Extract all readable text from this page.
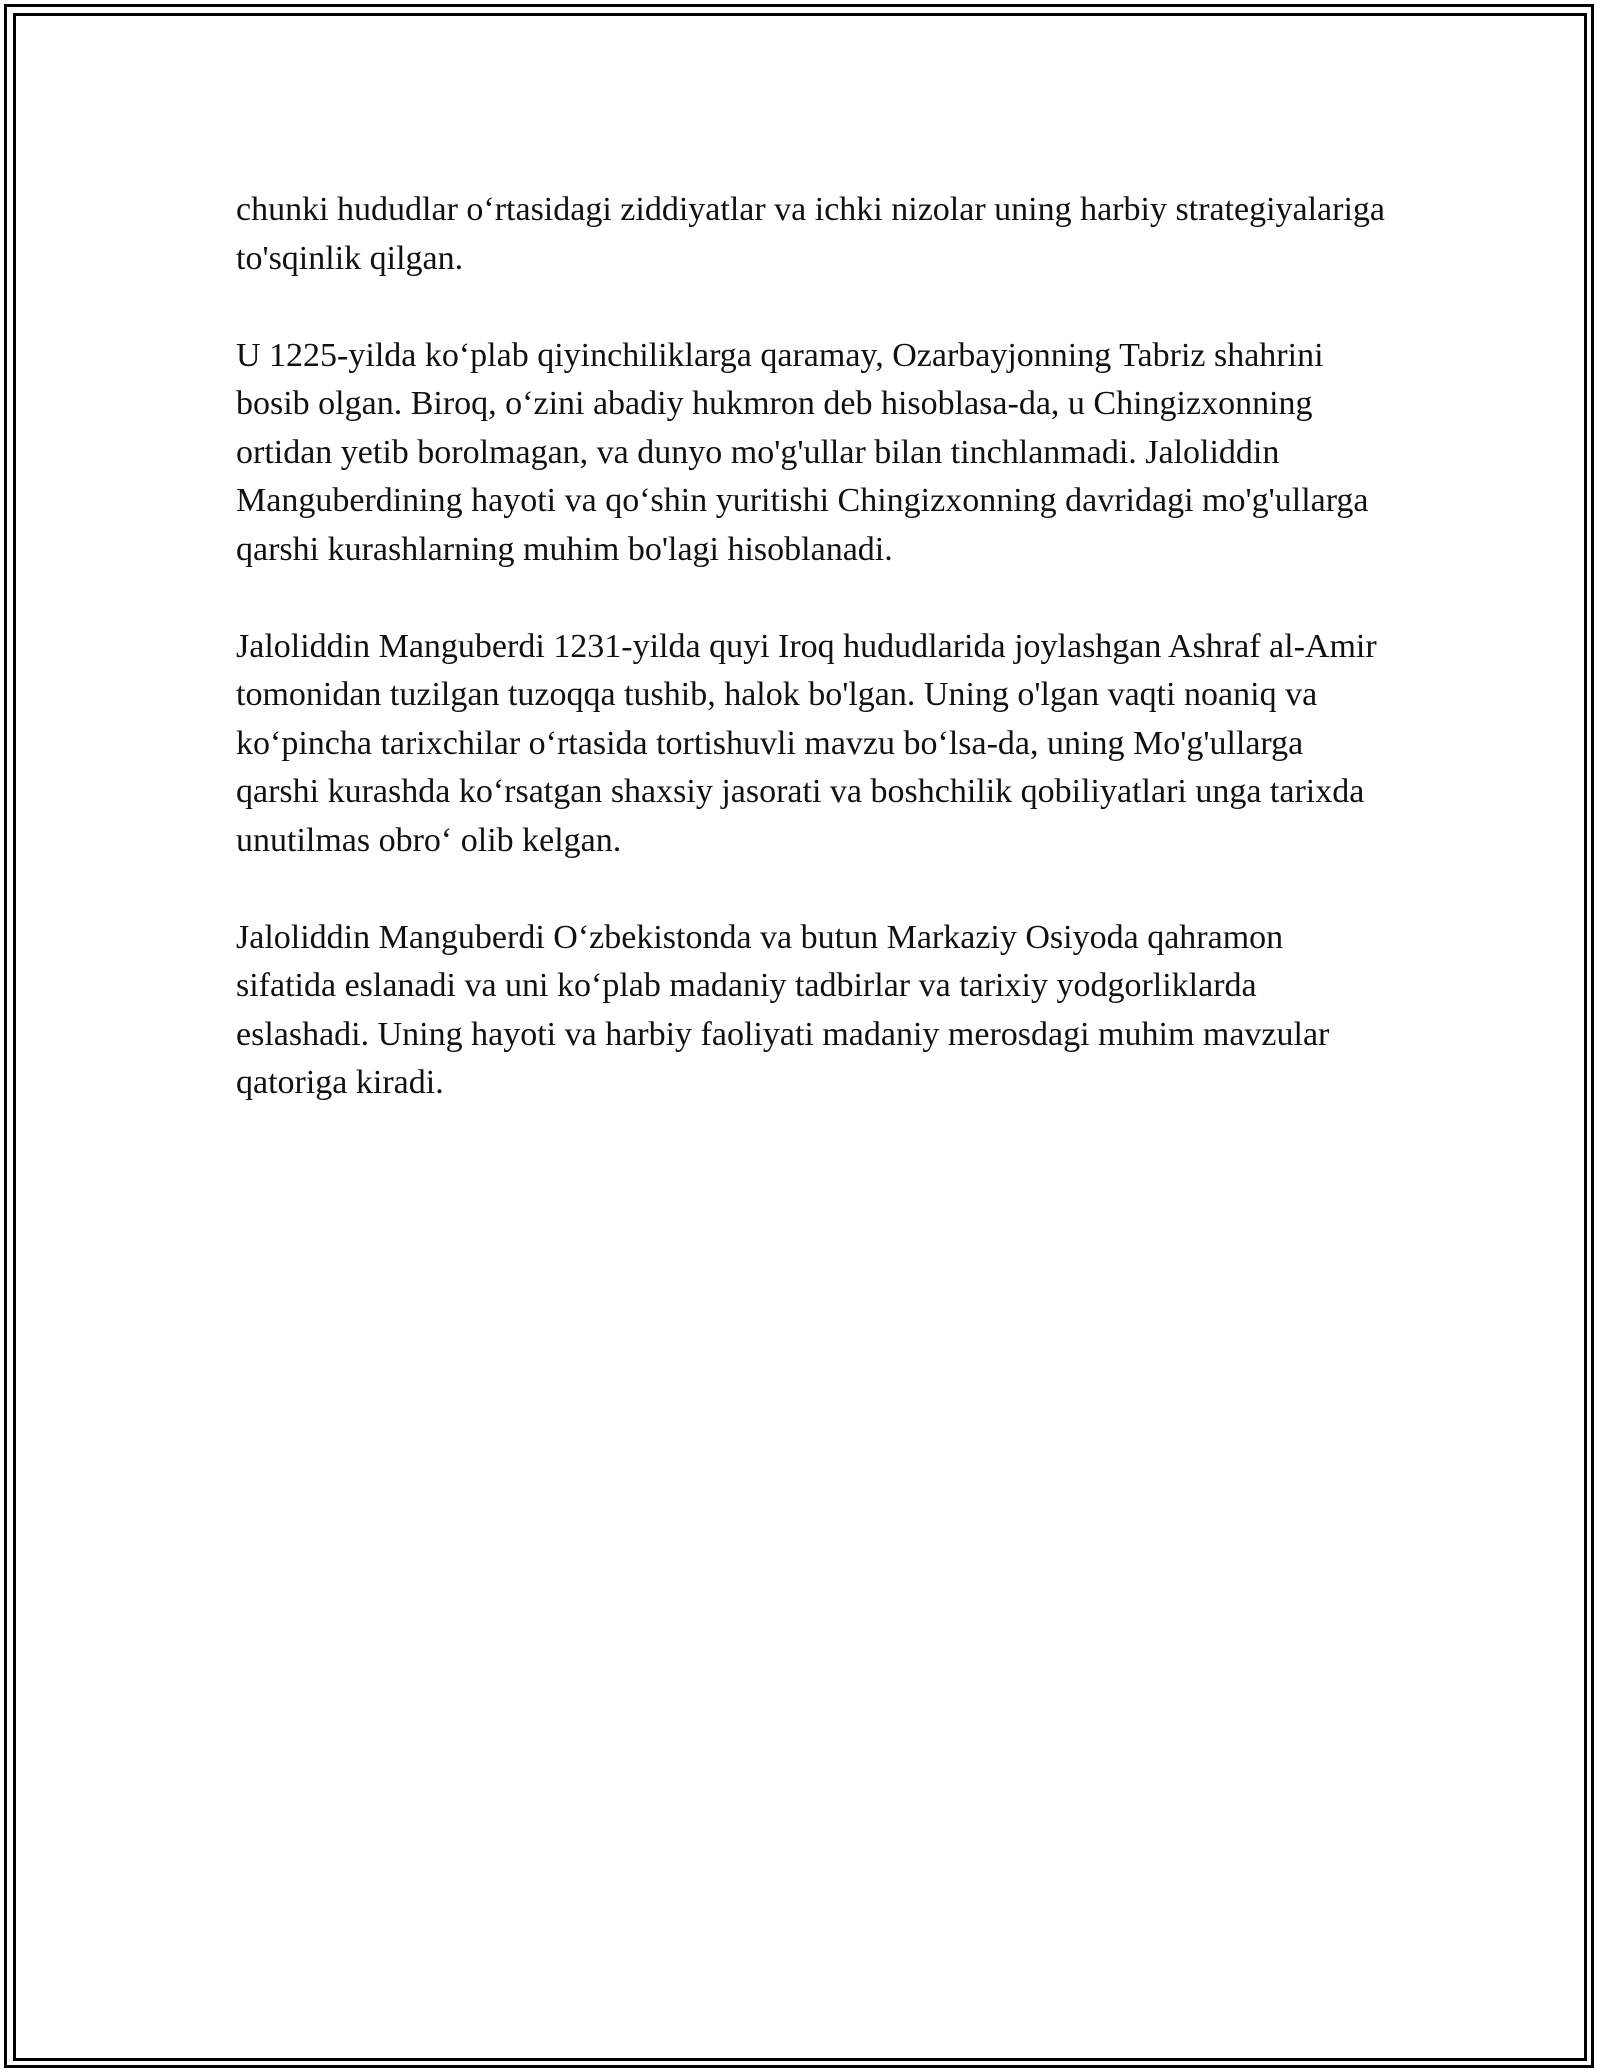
chunki hududlar o‘rtasidagi ziddiyatlar va ichki nizolar uning harbiy strategiyalariga to'sqinlik qilgan.

U 1225-yilda ko‘plab qiyinchiliklarga qaramay, Ozarbayjonning Tabriz shahrini bosib olgan. Biroq, o‘zini abadiy hukmron deb hisoblasa-da, u Chingizxonning ortidan yetib borolmagan, va dunyo mo'g'ullar bilan tinchlanmadi. Jaloliddin Manguberdining hayoti va qo‘shin yuritishi Chingizxonning davridagi mo'g'ullarga qarshi kurashlarning muhim bo'lagi hisoblanadi.

Jaloliddin Manguberdi 1231-yilda quyi Iroq hududlarida joylashgan Ashraf al-Amir tomonidan tuzilgan tuzoqqa tushib, halok bo'lgan. Uning o'lgan vaqti noaniq va ko‘pincha tarixchilar o‘rtasida tortishuvli mavzu bo‘lsa-da, uning Mo'g'ullarga qarshi kurashda ko‘rsatgan shaxsiy jasorati va boshchilik qobiliyatlari unga tarixda unutilmas obro‘ olib kelgan.

Jaloliddin Manguberdi O‘zbekistonda va butun Markaziy Osiyoda qahramon sifatida eslanadi va uni ko‘plab madaniy tadbirlar va tarixiy yodgorliklarda eslashadi. Uning hayoti va harbiy faoliyati madaniy merosdagi muhim mavzular qatoriga kiradi.
